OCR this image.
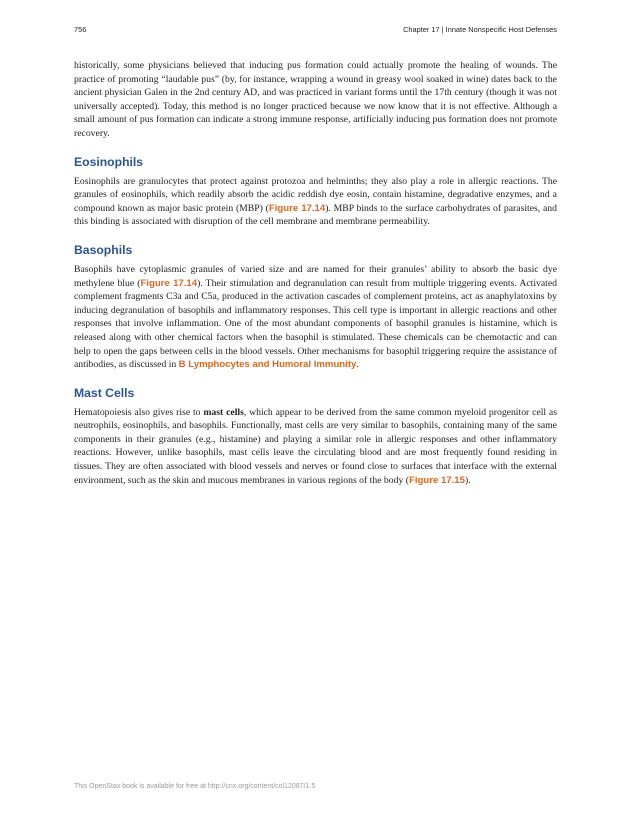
756	Chapter 17 | Innate Nonspecific Host Defenses

historically, some physicians believed that inducing pus formation could actually promote the healing of wounds. The practice of promoting “laudable pus” (by, for instance, wrapping a wound in greasy wool soaked in wine) dates back to the ancient physician Galen in the 2nd century AD, and was practiced in variant forms until the 17th century (though it was not universally accepted). Today, this method is no longer practiced because we now know that it is not effective. Although a small amount of pus formation can indicate a strong immune response, artificially inducing pus formation does not promote recovery.

Eosinophils

Eosinophils are granulocytes that protect against protozoa and helminths; they also play a role in allergic reactions. The granules of eosinophils, which readily absorb the acidic reddish dye eosin, contain histamine, degradative enzymes, and a compound known as major basic protein (MBP) (Figure 17.14). MBP binds to the surface carbohydrates of parasites, and this binding is associated with disruption of the cell membrane and membrane permeability.

Basophils

Basophils have cytoplasmic granules of varied size and are named for their granules’ ability to absorb the basic dye methylene blue (Figure 17.14). Their stimulation and degranulation can result from multiple triggering events. Activated complement fragments C3a and C5a, produced in the activation cascades of complement proteins, act as anaphylatoxins by inducing degranulation of basophils and inflammatory responses. This cell type is important in allergic reactions and other responses that involve inflammation. One of the most abundant components of basophil granules is histamine, which is released along with other chemical factors when the basophil is stimulated. These chemicals can be chemotactic and can help to open the gaps between cells in the blood vessels. Other mechanisms for basophil triggering require the assistance of antibodies, as discussed in B Lymphocytes and Humoral Immunity.

Mast Cells

Hematopoiesis also gives rise to mast cells, which appear to be derived from the same common myeloid progenitor cell as neutrophils, eosinophils, and basophils. Functionally, mast cells are very similar to basophils, containing many of the same components in their granules (e.g., histamine) and playing a similar role in allergic responses and other inflammatory reactions. However, unlike basophils, mast cells leave the circulating blood and are most frequently found residing in tissues. They are often associated with blood vessels and nerves or found close to surfaces that interface with the external environment, such as the skin and mucous membranes in various regions of the body (Figure 17.15).

This OpenStax book is available for free at http://cnx.org/content/col12087/1.5
